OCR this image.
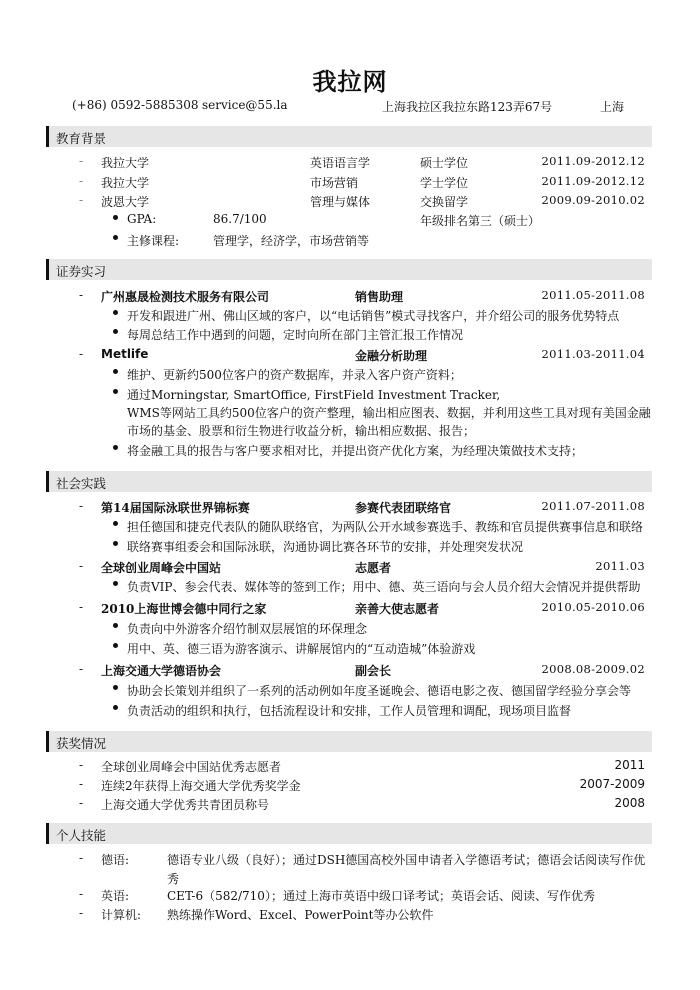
我拉网
(+86) 0592-5885308 service@55.la	上海我拉区我拉东路123弄67号	上海
教育背景
- 我拉大学	英语语言学	硕士学位	2011.09-2012.12
- 我拉大学	市场营销	学士学位	2011.09-2012.12
- 波恩大学	管理与媒体	交换留学	2009.09-2010.02
GPA:	86.7/100	年级排名第三（硕士）
主修课程:	管理学，经济学，市场营销等
证券实习
- 广州惠晟检测技术服务有限公司	销售助理	2011.05-2011.08
开发和跟进广州、佛山区域的客户，以“电话销售”模式寻找客户，并介绍公司的服务优势特点
每周总结工作中遇到的问题，定时向所在部门主管汇报工作情况
- Metlife	金融分析助理	2011.03-2011.04
维护、更新约500位客户的资产数据库，并录入客户资产资料；
通过Morningstar, SmartOffice, FirstField Investment Tracker,
WMS等网站工具约500位客户的资产整理，输出相应图表、数据，并利用这些工具对现有美国金融
市场的基金、股票和衍生物进行收益分析，输出相应数据、报告；
将金融工具的报告与客户要求相对比，并提出资产优化方案，为经理决策做技术支持；
社会实践
- 第14届国际泳联世界锦标赛	参赛代表团联络官	2011.07-2011.08
担任德国和捷克代表队的随队联络官，为两队公开水域参赛选手、教练和官员提供赛事信息和联络
联络赛事组委会和国际泳联，沟通协调比赛各环节的安排，并处理突发状况
- 全球创业周峰会中国站	志愿者	2011.03
负责VIP、参会代表、媒体等的签到工作；用中、德、英三语向与会人员介绍大会情况并提供帮助
- 2010上海世博会德中同行之家	亲善大使志愿者	2010.05-2010.06
负责向中外游客介绍竹制双层展馆的环保理念
用中、英、德三语为游客演示、讲解展馆内的“互动造城”体验游戏
- 上海交通大学德语协会	副会长	2008.08-2009.02
协助会长策划并组织了一系列的活动例如年度圣诞晚会、德语电影之夜、德国留学经验分享会等
负责活动的组织和执行，包括流程设计和安排，工作人员管理和调配，现场项目监督
获奖情况
- 全球创业周峰会中国站优秀志愿者	2011
- 连续2年获得上海交通大学优秀奖学金	2007-2009
- 上海交通大学优秀共青团员称号	2008
个人技能
- 德语:	德语专业八级（良好）；通过DSH德国高校外国申请者入学德语考试；德语会话阅读写作优秀
- 英语:	CET-6（582/710）；通过上海市英语中级口译考试；英语会话、阅读、写作优秀
- 计算机: 熟练操作Word、Excel、PowerPoint等办公软件
